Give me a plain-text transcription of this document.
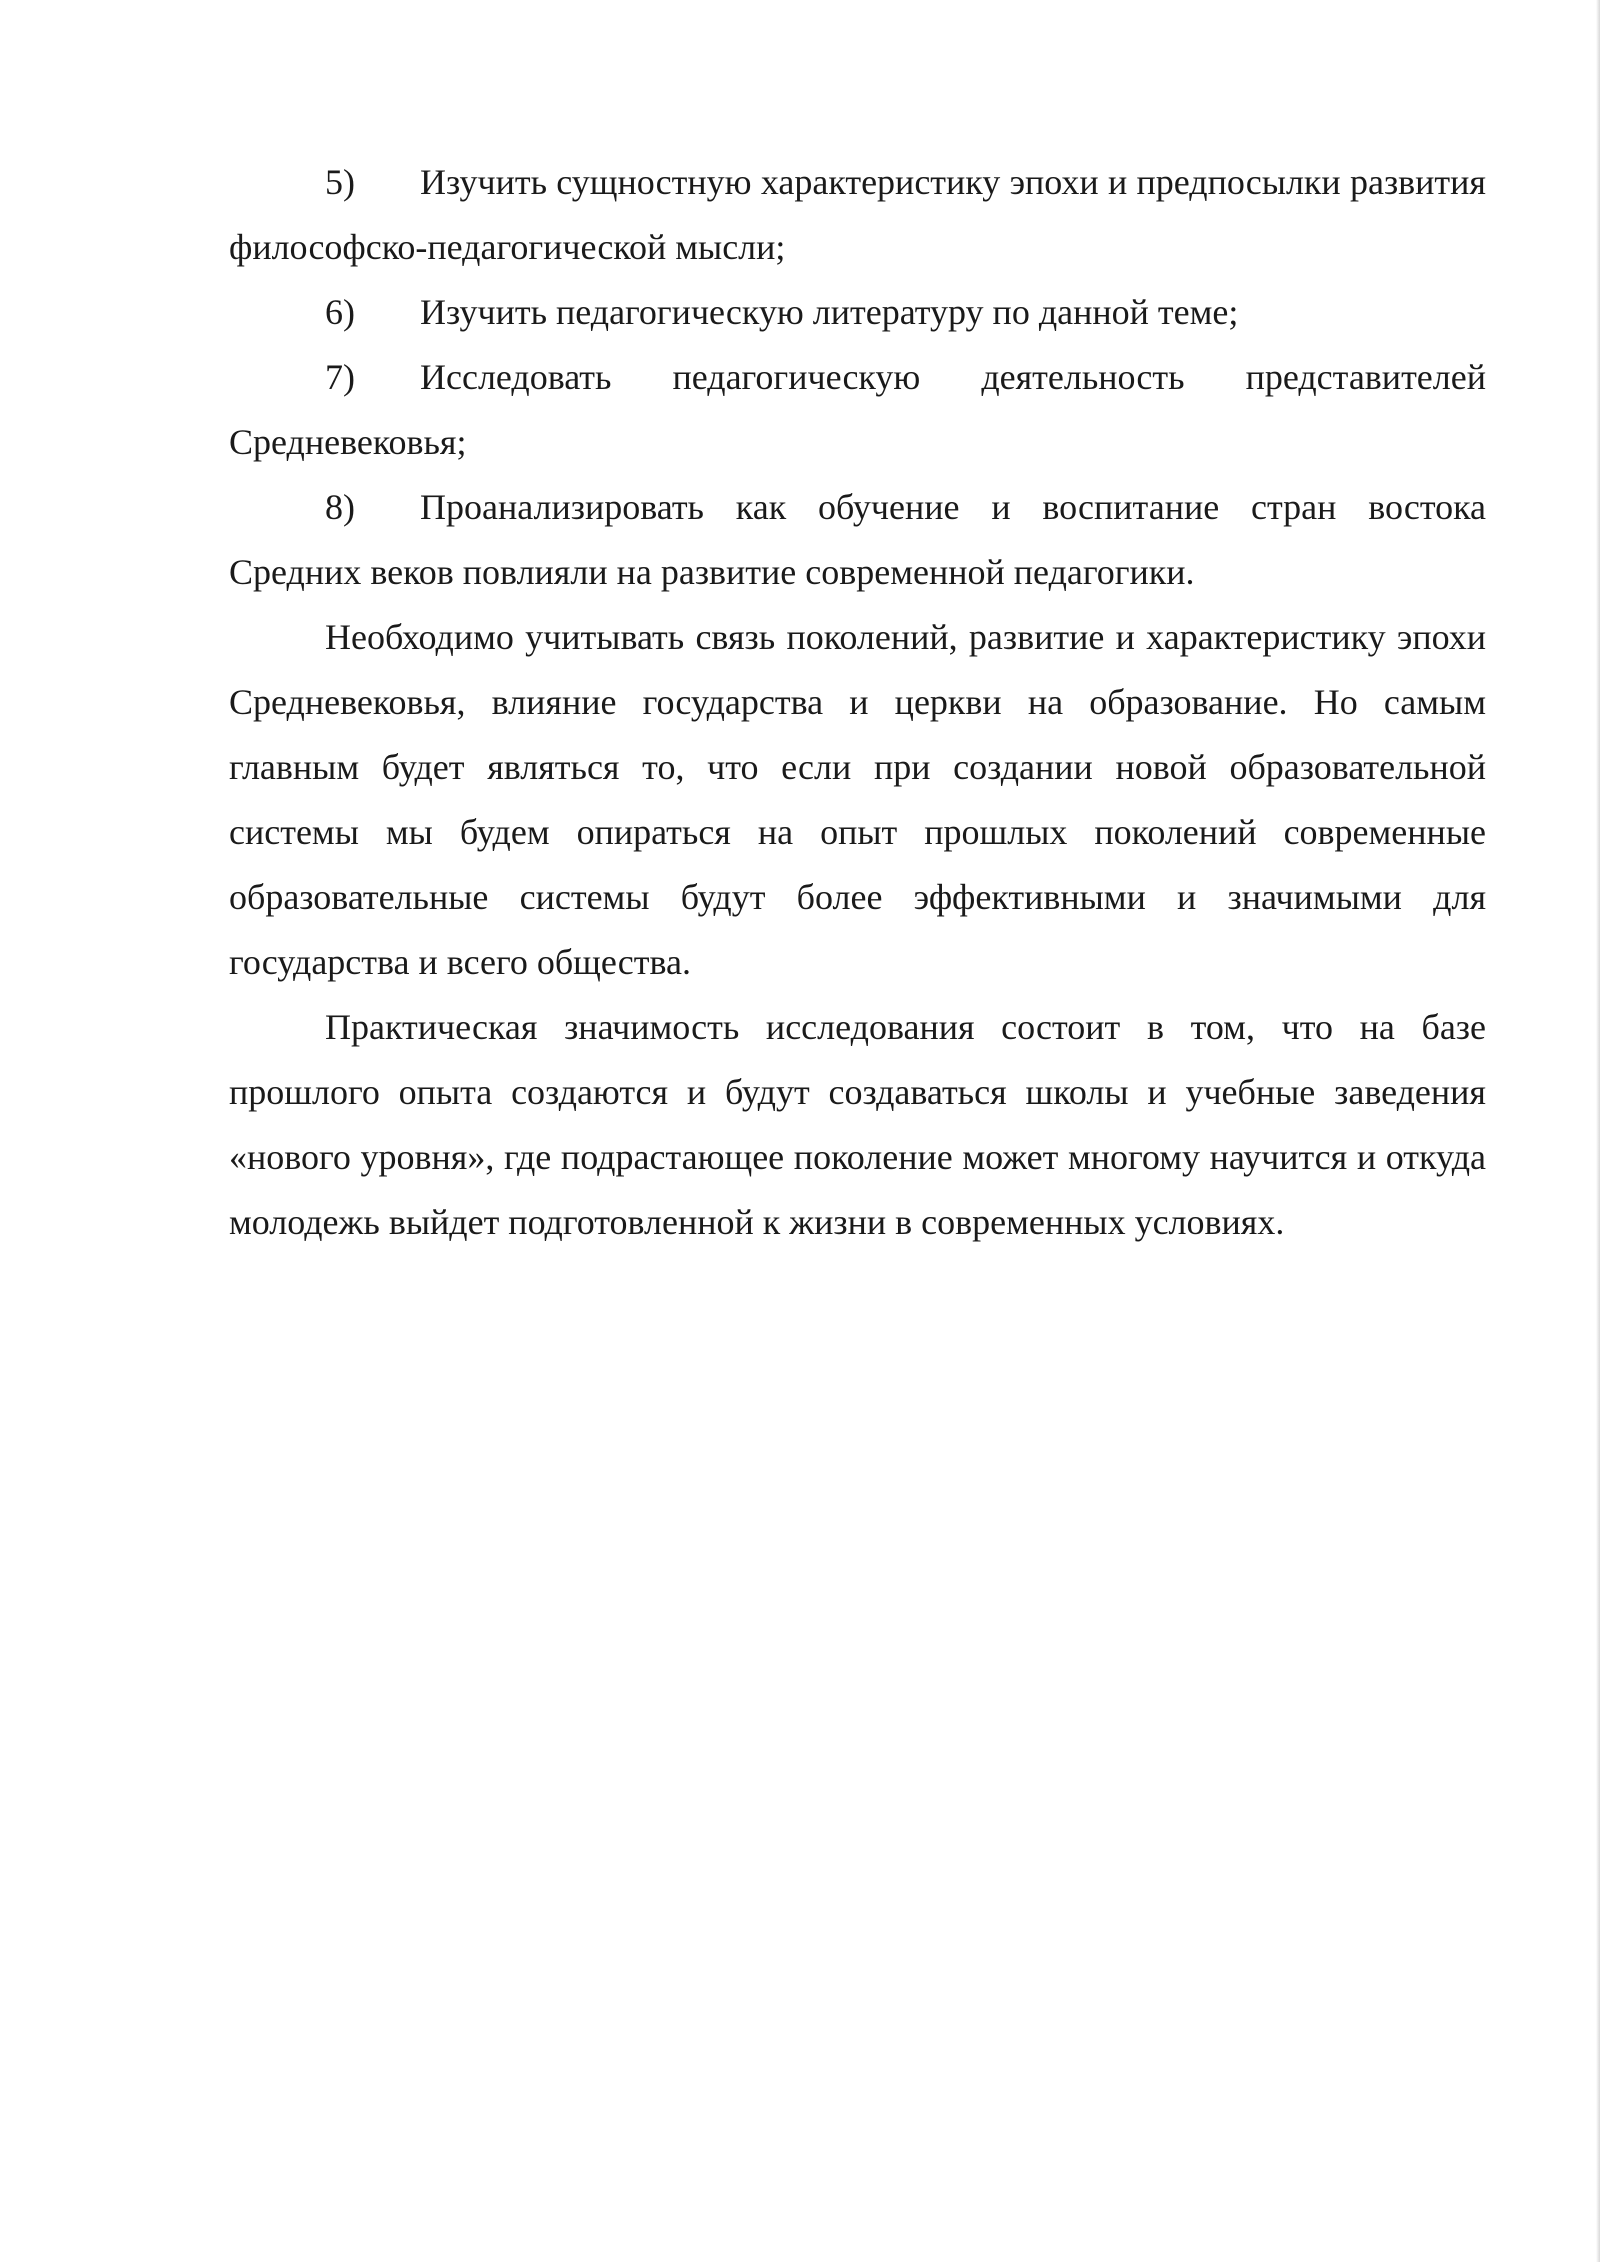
5) Изучить сущностную характеристику эпохи и предпосылки развития философско-педагогической мысли;

6) Изучить педагогическую литературу по данной теме;

7) Исследовать педагогическую деятельность представителей Средневековья;

8) Проанализировать как обучение и воспитание стран востока Средних веков повлияли на развитие современной педагогики.

Необходимо учитывать связь поколений, развитие и характеристику эпохи Средневековья, влияние государства и церкви на образование. Но самым главным будет являться то, что если при создании новой образовательной системы мы будем опираться на опыт прошлых поколений современные образовательные системы будут более эффективными и значимыми для государства и всего общества.

Практическая значимость исследования состоит в том, что на базе прошлого опыта создаются и будут создаваться школы и учебные заведения «нового уровня», где подрастающее поколение может многому научится и откуда молодежь выйдет подготовленной к жизни в современных условиях.
